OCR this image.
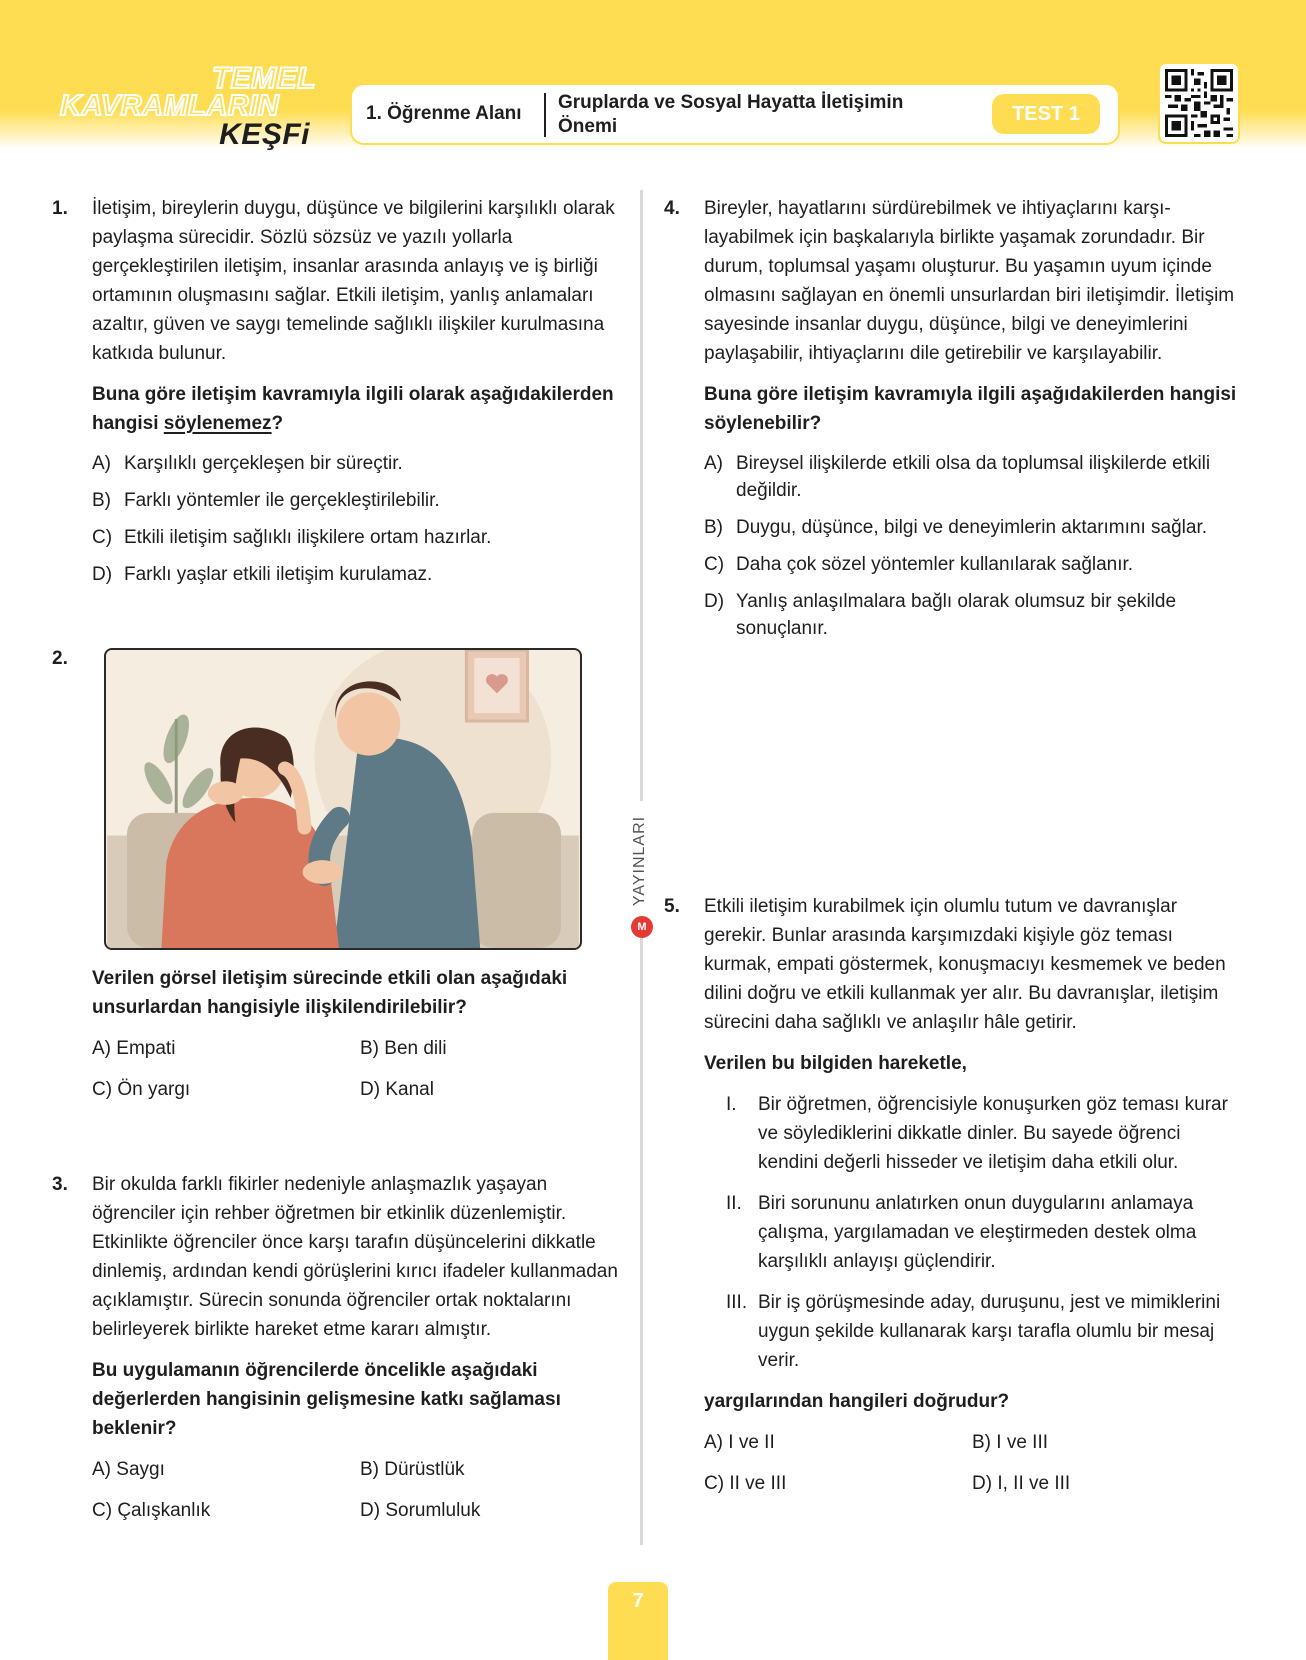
TEMEL
KAVRAMLARIN
KEŞFi
1. Öğrenme Alanı
Gruplarda ve Sosyal Hayatta İletişimin Önemi
TEST 1
YAYINLARI
M
1. İletişim, bireylerin duygu, düşünce ve bilgilerini karşılıklı olarak paylaşma sürecidir. Sözlü sözsüz ve yazılı yollarla gerçekleştirilen iletişim, insanlar arasında anlayış ve iş birliği ortamının oluşmasını sağlar. Etkili iletişim, yanlış anlamaları azaltır, güven ve saygı temelinde sağlıklı ilişkiler kurulmasına katkıda bulunur.

Buna göre iletişim kavramıyla ilgili olarak aşağıdakilerden hangisi söylenemez?

A) Karşılıklı gerçekleşen bir süreçtir.
B) Farklı yöntemler ile gerçekleştirilebilir.
C) Etkili iletişim sağlıklı ilişkilere ortam hazırlar.
D) Farklı yaşlar etkili iletişim kurulamaz.
2.

Verilen görsel iletişim sürecinde etkili olan aşağıdaki unsurlardan hangisiyle ilişkilendirilebilir?

A) Empati	B) Ben dili
C) Ön yargı	D) Kanal
3. Bir okulda farklı fikirler nedeniyle anlaşmazlık yaşayan öğrenciler için rehber öğretmen bir etkinlik düzenlemiştir. Etkinlikte öğrenciler önce karşı tarafın düşüncelerini dikkatle dinlemiş, ardından kendi görüşlerini kırıcı ifadeler kullanmadan açıklamıştır. Sürecin sonunda öğrenciler ortak noktalarını belirleyerek birlikte hareket etme kararı almıştır.

Bu uygulamanın öğrencilerde öncelikle aşağıdaki değerlerden hangisinin gelişmesine katkı sağlaması beklenir?

A) Saygı	B) Dürüstlük
C) Çalışkanlık	D) Sorumluluk
4. Bireyler, hayatlarını sürdürebilmek ve ihtiyaçlarını karşılayabilmek için başkalarıyla birlikte yaşamak zorundadır. Bir durum, toplumsal yaşamı oluşturur. Bu yaşamın uyum içinde olmasını sağlayan en önemli unsurlardan biri iletişimdir. İletişim sayesinde insanlar duygu, düşünce, bilgi ve deneyimlerini paylaşabilir, ihtiyaçlarını dile getirebilir ve karşılayabilir.

Buna göre iletişim kavramıyla ilgili aşağıdakilerden hangisi söylenebilir?

A) Bireysel ilişkilerde etkili olsa da toplumsal ilişkilerde etkili değildir.
B) Duygu, düşünce, bilgi ve deneyimlerin aktarımını sağlar.
C) Daha çok sözel yöntemler kullanılarak sağlanır.
D) Yanlış anlaşılmalara bağlı olarak olumsuz bir şekilde sonuçlanır.
5. Etkili iletişim kurabilmek için olumlu tutum ve davranışlar gerekir. Bunlar arasında karşımızdaki kişiyle göz teması kurmak, empati göstermek, konuşmacıyı kesmemek ve beden dilini doğru ve etkili kullanmak yer alır. Bu davranışlar, iletişim sürecini daha sağlıklı ve anlaşılır hâle getirir.

Verilen bu bilgiden hareketle,

I.	Bir öğretmen, öğrencisiyle konuşurken göz teması kurar ve söylediklerini dikkatle dinler. Bu sayede öğrenci kendini değerli hisseder ve iletişim daha etkili olur.
II. Biri sorununu anlatırken onun duygularını anlamaya çalışma, yargılamadan ve eleştirmeden destek olma karşılıklı anlayışı güçlendirir.
III. Bir iş görüşmesinde aday, duruşunu, jest ve mimiklerini uygun şekilde kullanarak karşı tarafla olumlu bir mesaj verir.

yargılarından hangileri doğrudur?

A) I ve II	B) I ve III
C) II ve III	D) I, II ve III
7
